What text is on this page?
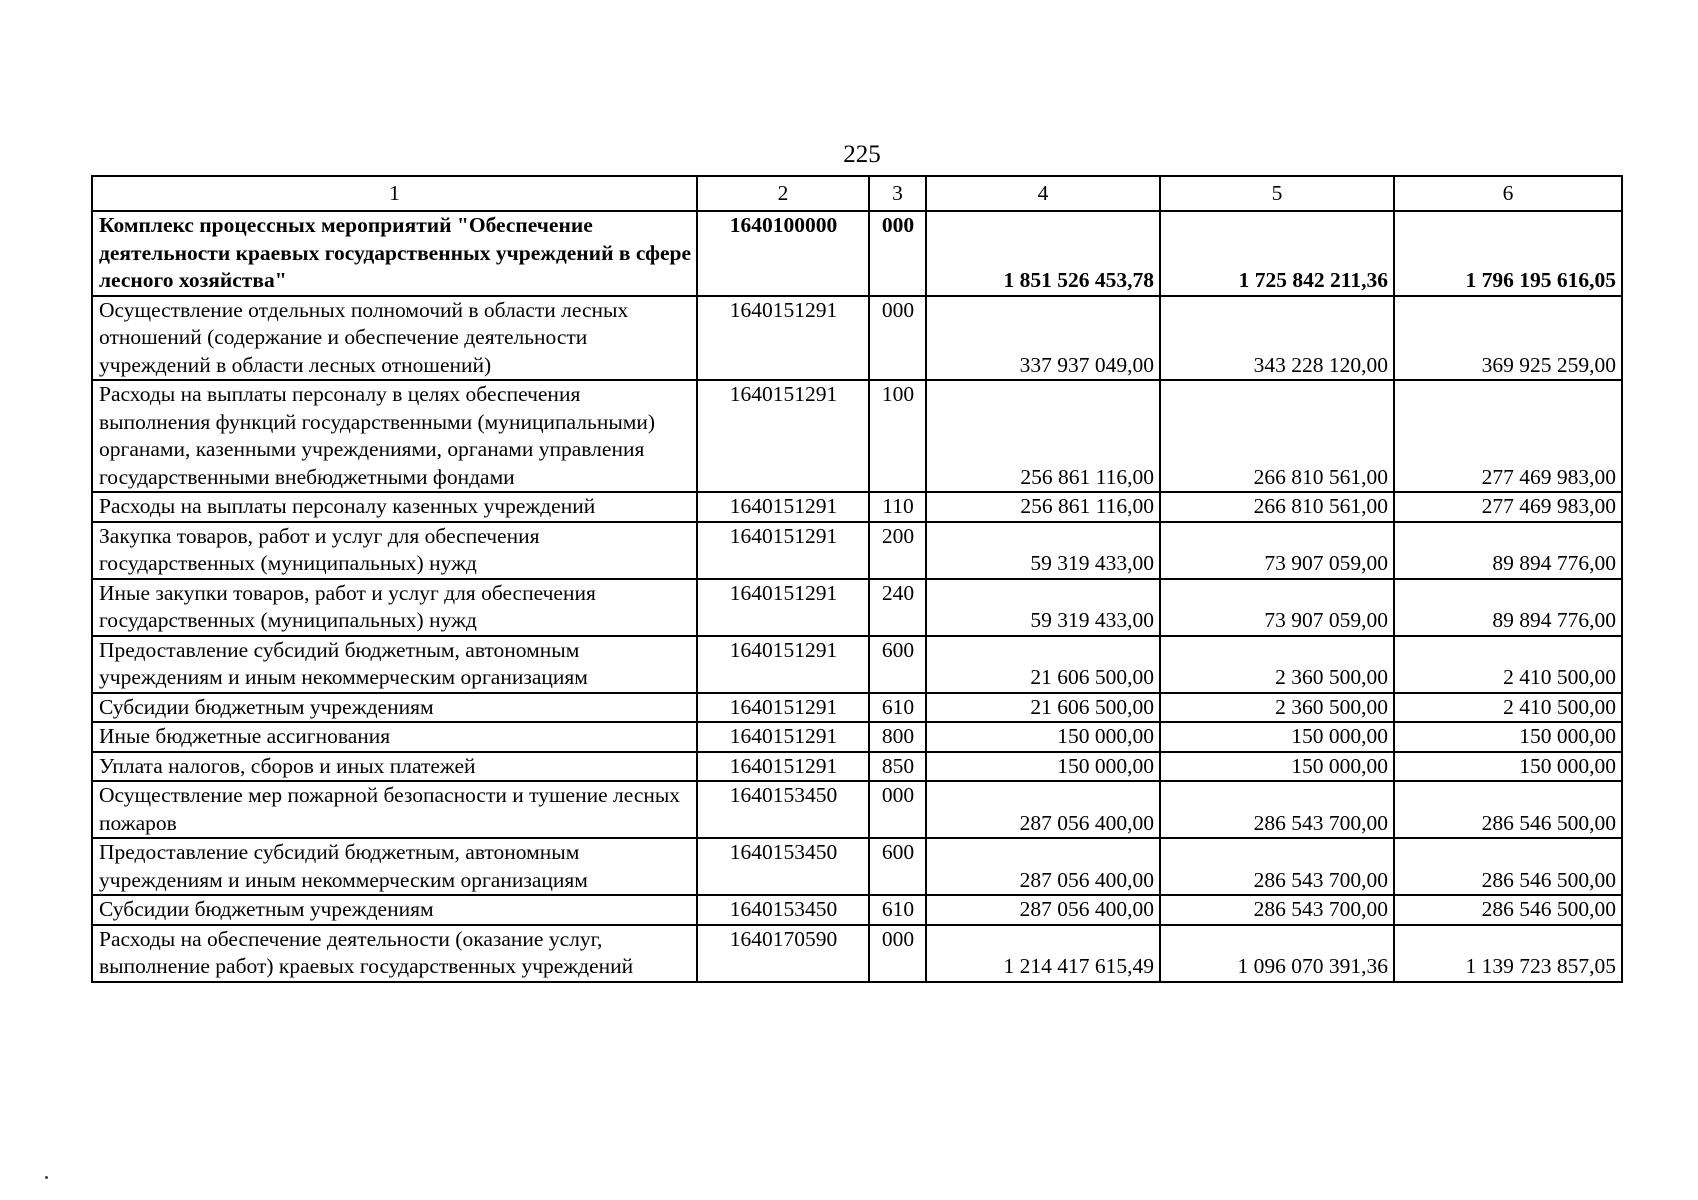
225
1	2	3	4	5	6
Комплекс процессных мероприятий "Обеспечение деятельности краевых государственных учреждений в сфере лесного хозяйства"	1640100000	000	1 851 526 453,78	1 725 842 211,36	1 796 195 616,05
Осуществление отдельных полномочий в области лесных отношений (содержание и обеспечение деятельности учреждений в области лесных отношений)	1640151291	000	337 937 049,00	343 228 120,00	369 925 259,00
Расходы на выплаты персоналу в целях обеспечения выполнения функций государственными (муниципальными) органами, казенными учреждениями, органами управления государственными внебюджетными фондами	1640151291	100	256 861 116,00	266 810 561,00	277 469 983,00
Расходы на выплаты персоналу казенных учреждений	1640151291	110	256 861 116,00	266 810 561,00	277 469 983,00
Закупка товаров, работ и услуг для обеспечения государственных (муниципальных) нужд	1640151291	200	59 319 433,00	73 907 059,00	89 894 776,00
Иные закупки товаров, работ и услуг для обеспечения государственных (муниципальных) нужд	1640151291	240	59 319 433,00	73 907 059,00	89 894 776,00
Предоставление субсидий бюджетным, автономным учреждениям и иным некоммерческим организациям	1640151291	600	21 606 500,00	2 360 500,00	2 410 500,00
Субсидии бюджетным учреждениям	1640151291	610	21 606 500,00	2 360 500,00	2 410 500,00
Иные бюджетные ассигнования	1640151291	800	150 000,00	150 000,00	150 000,00
Уплата налогов, сборов и иных платежей	1640151291	850	150 000,00	150 000,00	150 000,00
Осуществление мер пожарной безопасности и тушение лесных пожаров	1640153450	000	287 056 400,00	286 543 700,00	286 546 500,00
Предоставление субсидий бюджетным, автономным учреждениям и иным некоммерческим организациям	1640153450	600	287 056 400,00	286 543 700,00	286 546 500,00
Субсидии бюджетным учреждениям	1640153450	610	287 056 400,00	286 543 700,00	286 546 500,00
Расходы на обеспечение деятельности (оказание услуг, выполнение работ) краевых государственных учреждений	1640170590	000	1 214 417 615,49	1 096 070 391,36	1 139 723 857,05
